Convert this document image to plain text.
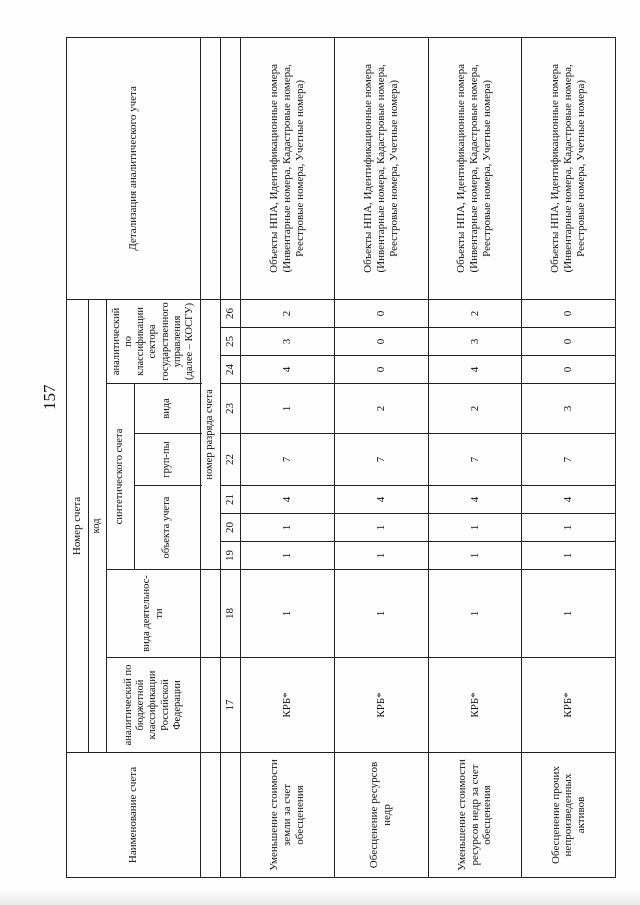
157
Наименование счета	Номер счета										Детализация аналитического учета
	код										
	аналитический по бюджетной классификации Российской Федерации	вида деятельнос-ти	синтетического счета					аналитический по классификации сектора государственного управления (далее – КОСГУ)			
			объекта учета			груп-пы	вида				

			номер разряда счета								
	17	18	19	20	21	22	23	24	25	26	
Уменьшение стоимости земли за счет обесценения	КРБ*	1	1	1	4	7	1	4	3	2	Объекты НПА, Идентификационные номера (Инвентарные номера, Кадастровые номера, Реестровые номера, Учетные номера)
Обесценение ресурсов недр	КРБ*	1	1	1	4	7	2	0	0	0	Объекты НПА, Идентификационные номера (Инвентарные номера, Кадастровые номера, Реестровые номера, Учетные номера)
Уменьшение стоимости ресурсов недр за счет обесценения	КРБ*	1	1	1	4	7	2	4	3	2	Объекты НПА, Идентификационные номера (Инвентарные номера, Кадастровые номера, Реестровые номера, Учетные номера)
Обесценение прочих непроизведенных активов	КРБ*	1	1	1	4	7	3	0	0	0	Объекты НПА, Идентификационные номера (Инвентарные номера, Кадастровые номера, Реестровые номера, Учетные номера)
